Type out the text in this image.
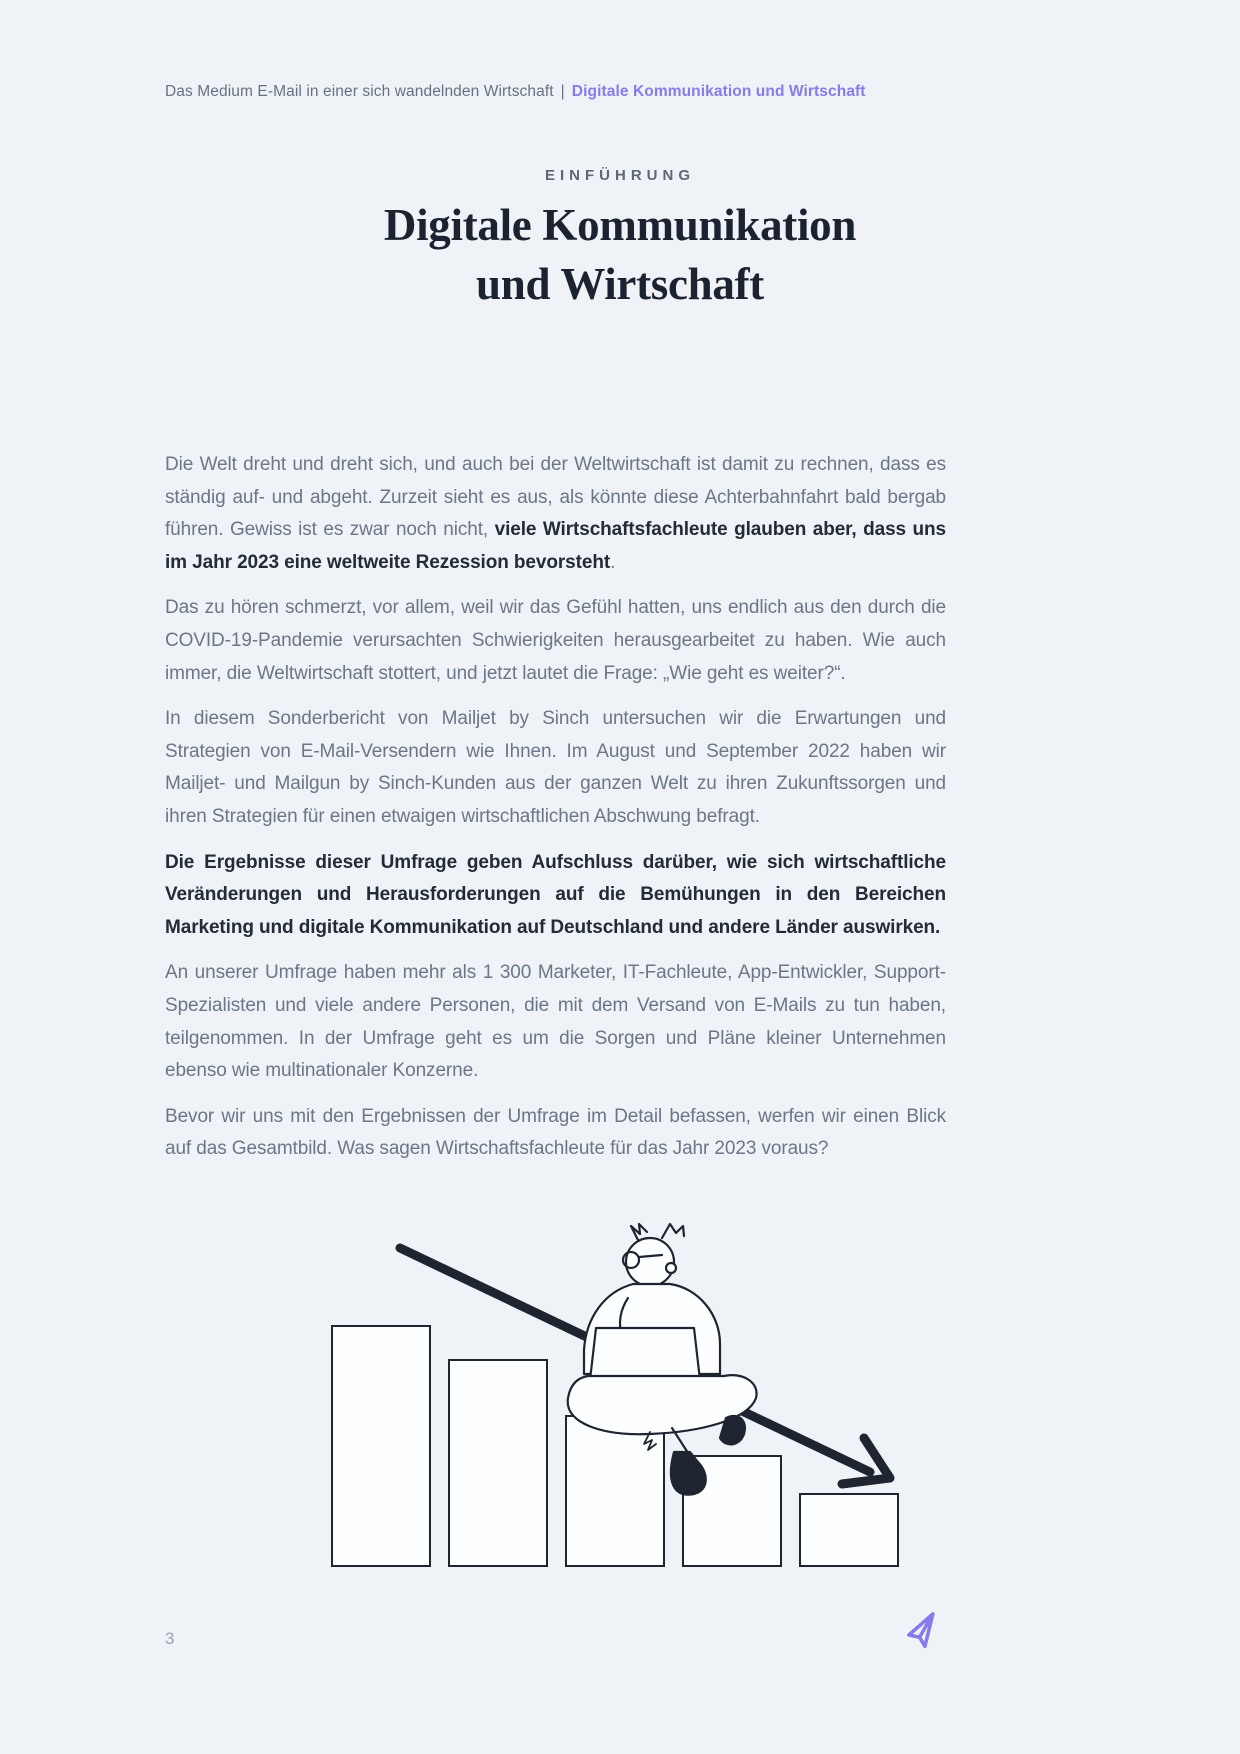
Das Medium E-Mail in einer sich wandelnden Wirtschaft | Digitale Kommunikation und Wirtschaft
EINFÜHRUNG
Digitale Kommunikation
und Wirtschaft
Die Welt dreht und dreht sich, und auch bei der Weltwirtschaft ist damit zu rechnen, dass es ständig auf- und abgeht. Zurzeit sieht es aus, als könnte diese Achterbahnfahrt bald bergab führen. Gewiss ist es zwar noch nicht, viele Wirtschaftsfachleute glauben aber, dass uns im Jahr 2023 eine weltweite Rezession bevorsteht.
Das zu hören schmerzt, vor allem, weil wir das Gefühl hatten, uns endlich aus den durch die COVID-19-Pandemie verursachten Schwierigkeiten herausgearbeitet zu haben. Wie auch immer, die Weltwirtschaft stottert, und jetzt lautet die Frage: „Wie geht es weiter?“.
In diesem Sonderbericht von Mailjet by Sinch untersuchen wir die Erwartungen und Strategien von E-Mail-Versendern wie Ihnen. Im August und September 2022 haben wir Mailjet- und Mailgun by Sinch-Kunden aus der ganzen Welt zu ihren Zukunftssorgen und ihren Strategien für einen etwaigen wirtschaftlichen Abschwung befragt.
Die Ergebnisse dieser Umfrage geben Aufschluss darüber, wie sich wirtschaftliche Veränderungen und Herausforderungen auf die Bemühungen in den Bereichen Marketing und digitale Kommunikation auf Deutschland und andere Länder auswirken.
An unserer Umfrage haben mehr als 1 300 Marketer, IT-Fachleute, App-Entwickler, Support-Spezialisten und viele andere Personen, die mit dem Versand von E-Mails zu tun haben, teilgenommen. In der Umfrage geht es um die Sorgen und Pläne kleiner Unternehmen ebenso wie multinationaler Konzerne.
Bevor wir uns mit den Ergebnissen der Umfrage im Detail befassen, werfen wir einen Blick auf das Gesamtbild. Was sagen Wirtschaftsfachleute für das Jahr 2023 voraus?
3
